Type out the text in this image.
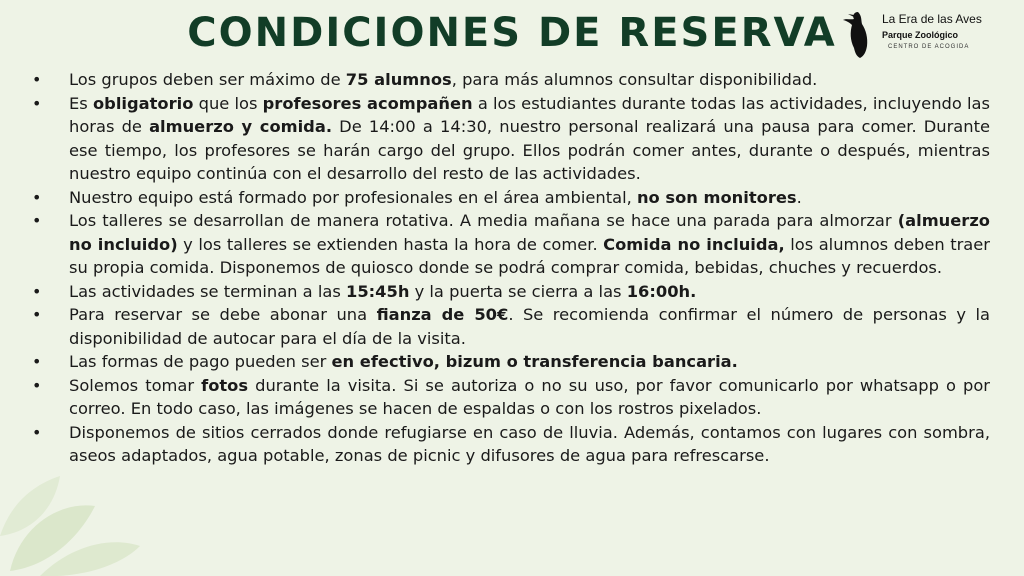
CONDICIONES DE RESERVA	La Era de las Aves
Parque Zoológico
CENTRO DE ACOGIDA
• Los grupos deben ser máximo de 75 alumnos, para más alumnos consultar disponibilidad.
• Es obligatorio que los profesores acompañen a los estudiantes durante todas las actividades, incluyendo las horas de almuerzo y comida. De 14:00 a 14:30, nuestro personal realizará una pausa para comer. Durante ese tiempo, los profesores se harán cargo del grupo. Ellos podrán comer antes, durante o después, mientras nuestro equipo continúa con el desarrollo del resto de las actividades.
• Nuestro equipo está formado por profesionales en el área ambiental, no son monitores.
• Los talleres se desarrollan de manera rotativa. A media mañana se hace una parada para almorzar (almuerzo no incluido) y los talleres se extienden hasta la hora de comer. Comida no incluida, los alumnos deben traer su propia comida. Disponemos de quiosco donde se podrá comprar comida, bebidas, chuches y recuerdos.
• Las actividades se terminan a las 15:45h y la puerta se cierra a las 16:00h.
• Para reservar se debe abonar una fianza de 50€. Se recomienda confirmar el número de personas y la disponibilidad de autocar para el día de la visita.
• Las formas de pago pueden ser en efectivo, bizum o transferencia bancaria.
• Solemos tomar fotos durante la visita. Si se autoriza o no su uso, por favor comunicarlo por whatsapp o por correo. En todo caso, las imágenes se hacen de espaldas o con los rostros pixelados.
• Disponemos de sitios cerrados donde refugiarse en caso de lluvia. Además, contamos con lugares con sombra, aseos adaptados, agua potable, zonas de picnic y difusores de agua para refrescarse.
